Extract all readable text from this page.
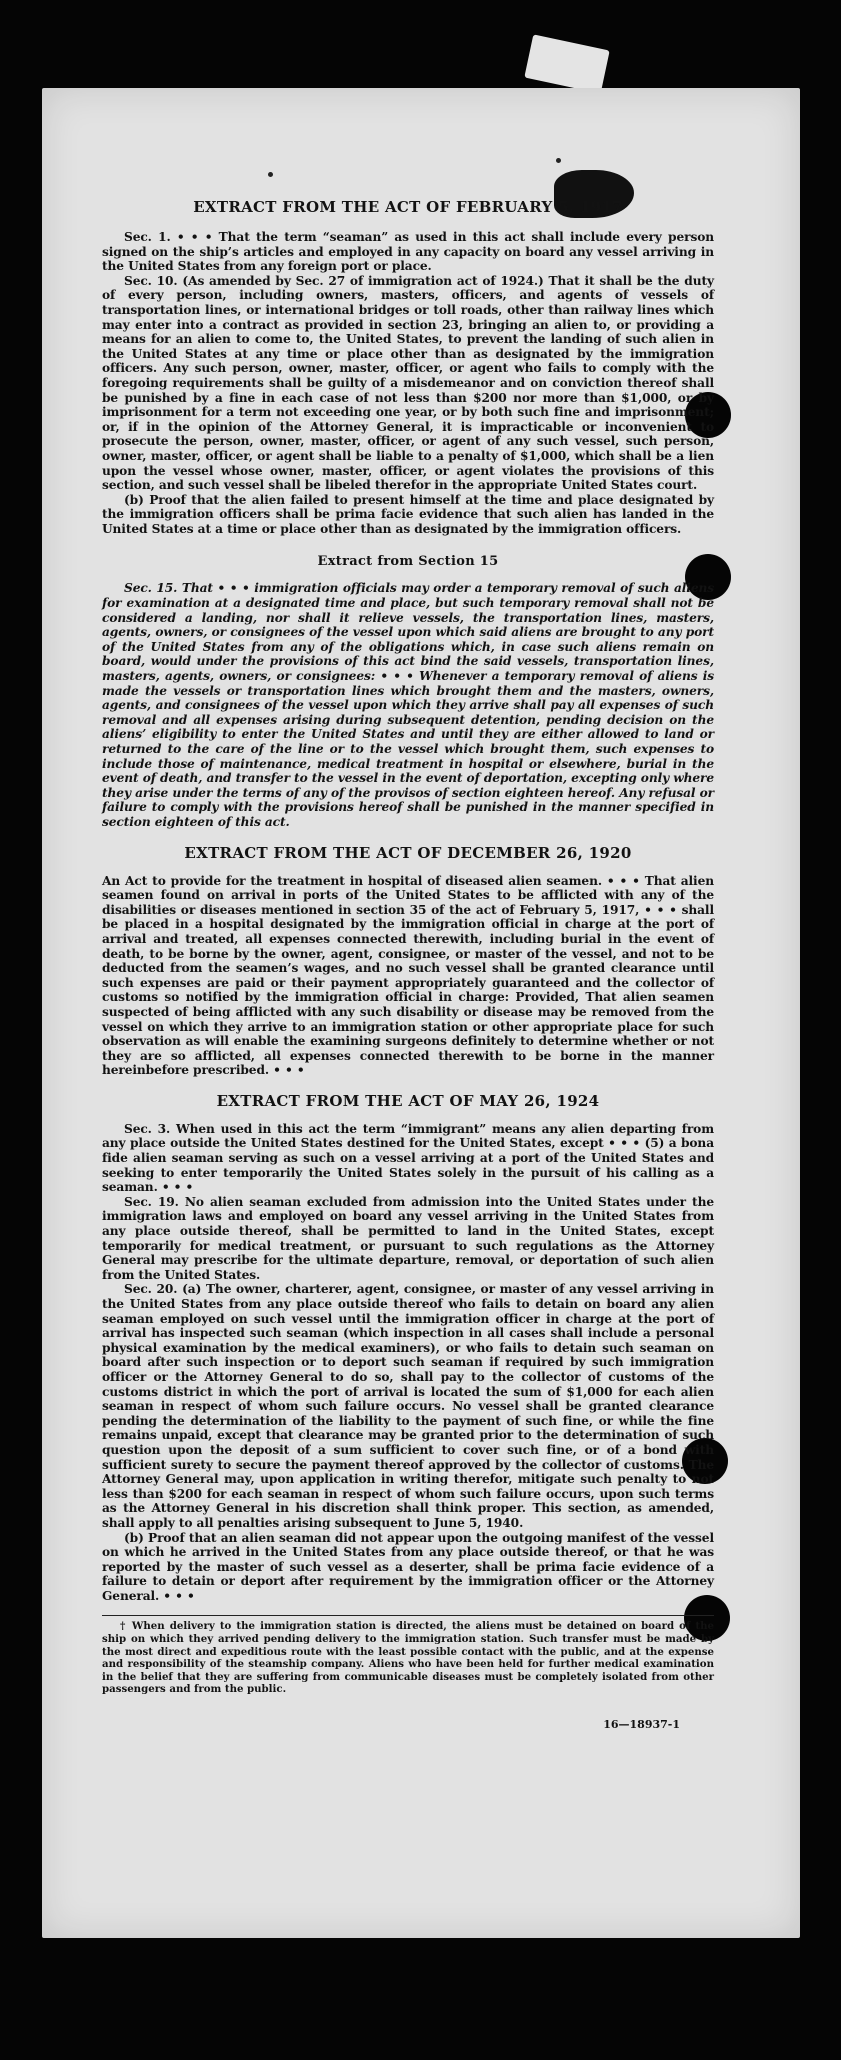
EXTRACT FROM THE ACT OF FEBRUARY 5, 1917

Sec. 1. • • • That the term “seaman” as used in this act shall include every person signed on the ship’s articles and employed in any capacity on board any vessel arriving in the United States from any foreign port or place.

Sec. 10. (As amended by Sec. 27 of immigration act of 1924.) That it shall be the duty of every person, including owners, masters, officers, and agents of vessels of transportation lines, or international bridges or toll roads, other than railway lines which may enter into a contract as provided in section 23, bringing an alien to, or providing a means for an alien to come to, the United States, to prevent the landing of such alien in the United States at any time or place other than as designated by the immigration officers. Any such person, owner, master, officer, or agent who fails to comply with the foregoing requirements shall be guilty of a misdemeanor and on conviction thereof shall be punished by a fine in each case of not less than $200 nor more than $1,000, or by imprisonment for a term not exceeding one year, or by both such fine and imprisonment; or, if in the opinion of the Attorney General, it is impracticable or inconvenient to prosecute the person, owner, master, officer, or agent of any such vessel, such person, owner, master, officer, or agent shall be liable to a penalty of $1,000, which shall be a lien upon the vessel whose owner, master, officer, or agent violates the provisions of this section, and such vessel shall be libeled therefor in the appropriate United States court.

(b) Proof that the alien failed to present himself at the time and place designated by the immigration officers shall be prima facie evidence that such alien has landed in the United States at a time or place other than as designated by the immigration officers.

Extract from Section 15

Sec. 15. That • • • immigration officials may order a temporary removal of such aliens for examination at a designated time and place, but such temporary removal shall not be considered a landing, nor shall it relieve vessels, the transportation lines, masters, agents, owners, or consignees of the vessel upon which said aliens are brought to any port of the United States from any of the obligations which, in case such aliens remain on board, would under the provisions of this act bind the said vessels, transportation lines, masters, agents, owners, or consignees: • • • Whenever a temporary removal of aliens is made the vessels or transportation lines which brought them and the masters, owners, agents, and consignees of the vessel upon which they arrive shall pay all expenses of such removal and all expenses arising during subsequent detention, pending decision on the aliens’ eligibility to enter the United States and until they are either allowed to land or returned to the care of the line or to the vessel which brought them, such expenses to include those of maintenance, medical treatment in hospital or elsewhere, burial in the event of death, and transfer to the vessel in the event of deportation, excepting only where they arise under the terms of any of the provisos of section eighteen hereof. Any refusal or failure to comply with the provisions hereof shall be punished in the manner specified in section eighteen of this act.

EXTRACT FROM THE ACT OF DECEMBER 26, 1920

An Act to provide for the treatment in hospital of diseased alien seamen. • • • That alien seamen found on arrival in ports of the United States to be afflicted with any of the disabilities or diseases mentioned in section 35 of the act of February 5, 1917, • • • shall be placed in a hospital designated by the immigration official in charge at the port of arrival and treated, all expenses connected therewith, including burial in the event of death, to be borne by the owner, agent, consignee, or master of the vessel, and not to be deducted from the seamen’s wages, and no such vessel shall be granted clearance until such expenses are paid or their payment appropriately guaranteed and the collector of customs so notified by the immigration official in charge: Provided, That alien seamen suspected of being afflicted with any such disability or disease may be removed from the vessel on which they arrive to an immigration station or other appropriate place for such observation as will enable the examining surgeons definitely to determine whether or not they are so afflicted, all expenses connected therewith to be borne in the manner hereinbefore prescribed. • • •

EXTRACT FROM THE ACT OF MAY 26, 1924

Sec. 3. When used in this act the term “immigrant” means any alien departing from any place outside the United States destined for the United States, except • • • (5) a bona fide alien seaman serving as such on a vessel arriving at a port of the United States and seeking to enter temporarily the United States solely in the pursuit of his calling as a seaman. • • •

Sec. 19. No alien seaman excluded from admission into the United States under the immigration laws and employed on board any vessel arriving in the United States from any place outside thereof, shall be permitted to land in the United States, except temporarily for medical treatment, or pursuant to such regulations as the Attorney General may prescribe for the ultimate departure, removal, or deportation of such alien from the United States.

Sec. 20. (a) The owner, charterer, agent, consignee, or master of any vessel arriving in the United States from any place outside thereof who fails to detain on board any alien seaman employed on such vessel until the immigration officer in charge at the port of arrival has inspected such seaman (which inspection in all cases shall include a personal physical examination by the medical examiners), or who fails to detain such seaman on board after such inspection or to deport such seaman if required by such immigration officer or the Attorney General to do so, shall pay to the collector of customs of the customs district in which the port of arrival is located the sum of $1,000 for each alien seaman in respect of whom such failure occurs. No vessel shall be granted clearance pending the determination of the liability to the payment of such fine, or while the fine remains unpaid, except that clearance may be granted prior to the determination of such question upon the deposit of a sum sufficient to cover such fine, or of a bond with sufficient surety to secure the payment thereof approved by the collector of customs. The Attorney General may, upon application in writing therefor, mitigate such penalty to not less than $200 for each seaman in respect of whom such failure occurs, upon such terms as the Attorney General in his discretion shall think proper. This section, as amended, shall apply to all penalties arising subsequent to June 5, 1940.

(b) Proof that an alien seaman did not appear upon the outgoing manifest of the vessel on which he arrived in the United States from any place outside thereof, or that he was reported by the master of such vessel as a deserter, shall be prima facie evidence of a failure to detain or deport after requirement by the immigration officer or the Attorney General. • • •

† When delivery to the immigration station is directed, the aliens must be detained on board of the ship on which they arrived pending delivery to the immigration station. Such transfer must be made by the most direct and expeditious route with the least possible contact with the public, and at the expense and responsibility of the steamship company. Aliens who have been held for further medical examination in the belief that they are suffering from communicable diseases must be completely isolated from other passengers and from the public.

16—18937-1
